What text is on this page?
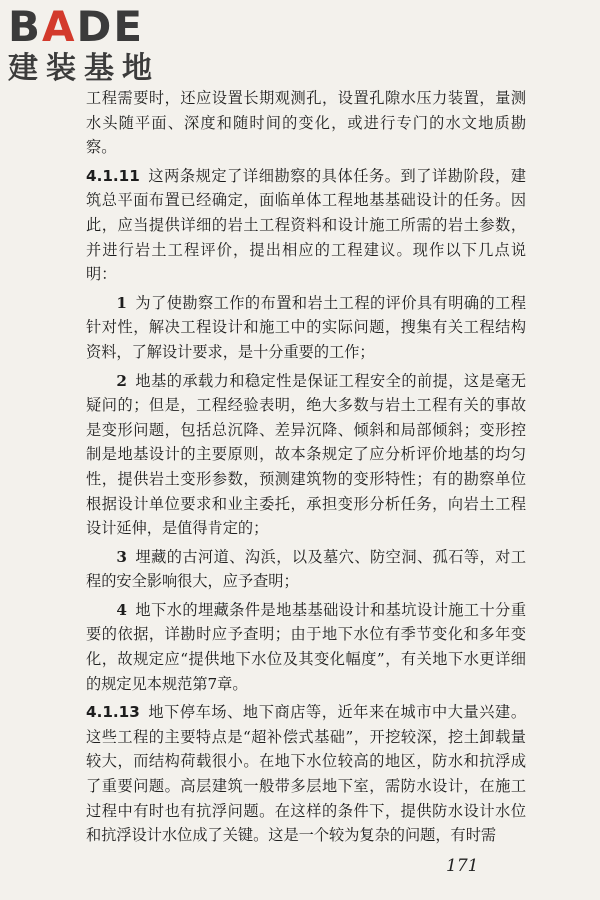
BADE
建装基地

工程需要时，还应设置长期观测孔，设置孔隙水压力装置，量测水头随平面、深度和随时间的变化，或进行专门的水文地质勘察。

4.1.11 这两条规定了详细勘察的具体任务。到了详勘阶段，建筑总平面布置已经确定，面临单体工程地基基础设计的任务。因此，应当提供详细的岩土工程资料和设计施工所需的岩土参数，并进行岩土工程评价，提出相应的工程建议。现作以下几点说明：

1 为了使勘察工作的布置和岩土工程的评价具有明确的工程针对性，解决工程设计和施工中的实际问题，搜集有关工程结构资料，了解设计要求，是十分重要的工作；

2 地基的承载力和稳定性是保证工程安全的前提，这是毫无疑问的；但是，工程经验表明，绝大多数与岩土工程有关的事故是变形问题，包括总沉降、差异沉降、倾斜和局部倾斜；变形控制是地基设计的主要原则，故本条规定了应分析评价地基的均匀性，提供岩土变形参数，预测建筑物的变形特性；有的勘察单位根据设计单位要求和业主委托，承担变形分析任务，向岩土工程设计延伸，是值得肯定的；

3 埋藏的古河道、沟浜，以及墓穴、防空洞、孤石等，对工程的安全影响很大，应予查明；

4 地下水的埋藏条件是地基基础设计和基坑设计施工十分重要的依据，详勘时应予查明；由于地下水位有季节变化和多年变化，故规定应“提供地下水位及其变化幅度”，有关地下水更详细的规定见本规范第7章。

4.1.13 地下停车场、地下商店等，近年来在城市中大量兴建。这些工程的主要特点是“超补偿式基础”，开挖较深，挖土卸载量较大，而结构荷载很小。在地下水位较高的地区，防水和抗浮成了重要问题。高层建筑一般带多层地下室，需防水设计，在施工过程中有时也有抗浮问题。在这样的条件下，提供防水设计水位和抗浮设计水位成了关键。这是一个较为复杂的问题，有时需

171
